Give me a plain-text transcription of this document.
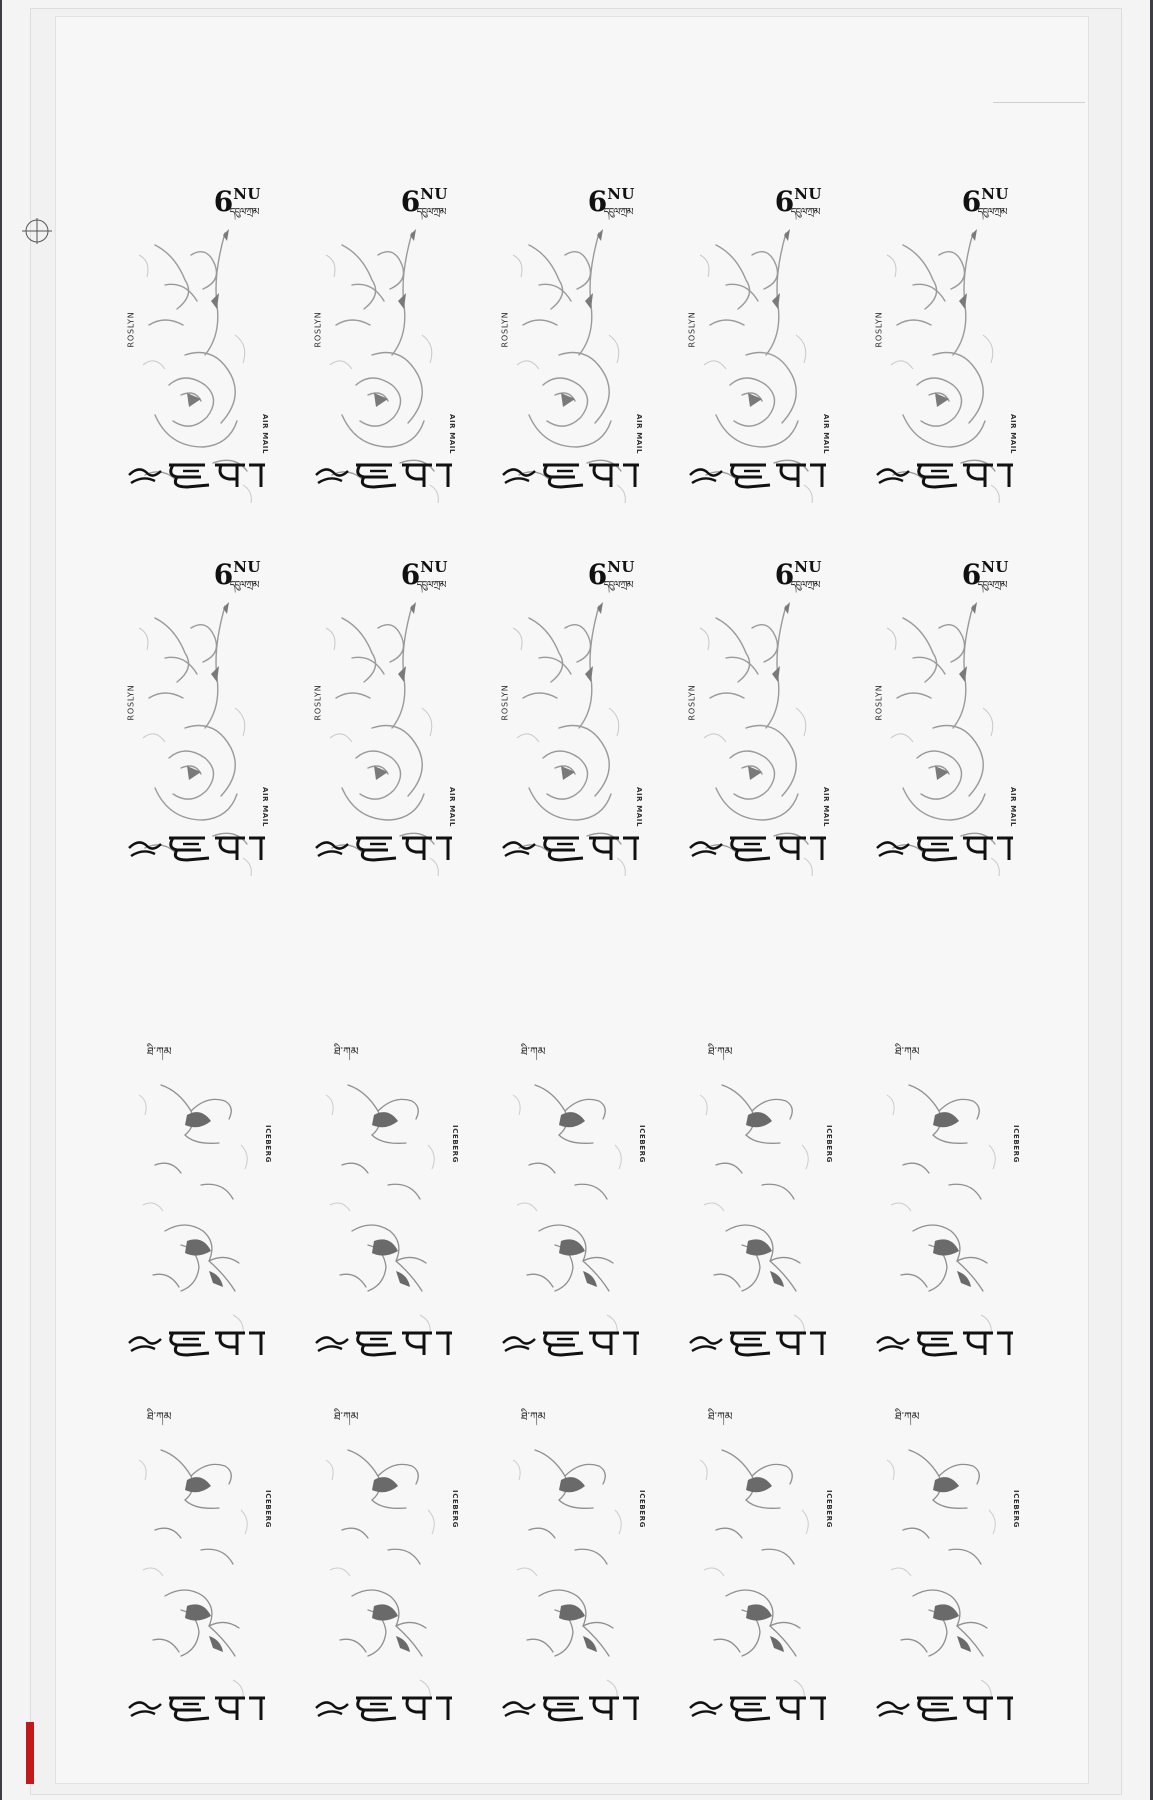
6NU
དངུལ་ཀྲམ
ROSLYN
AIR MAIL
6NU
དངུལ་ཀྲམ
ROSLYN
AIR MAIL
6NU
དངུལ་ཀྲམ
ROSLYN
AIR MAIL
6NU
དངུལ་ཀྲམ
ROSLYN
AIR MAIL
6NU
དངུལ་ཀྲམ
ROSLYN
AIR MAIL
6NU
དངུལ་ཀྲམ
ROSLYN
AIR MAIL
6NU
དངུལ་ཀྲམ
ROSLYN
AIR MAIL
6NU
དངུལ་ཀྲམ
ROSLYN
AIR MAIL
6NU
དངུལ་ཀྲམ
ROSLYN
AIR MAIL
6NU
དངུལ་ཀྲམ
ROSLYN
AIR MAIL
ཐི་ཀམ
ICEBERG
ཐི་ཀམ
ICEBERG
ཐི་ཀམ
ICEBERG
ཐི་ཀམ
ICEBERG
ཐི་ཀམ
ICEBERG
ཐི་ཀམ
ICEBERG
ཐི་ཀམ
ICEBERG
ཐི་ཀམ
ICEBERG
ཐི་ཀམ
ICEBERG
ཐི་ཀམ
ICEBERG
